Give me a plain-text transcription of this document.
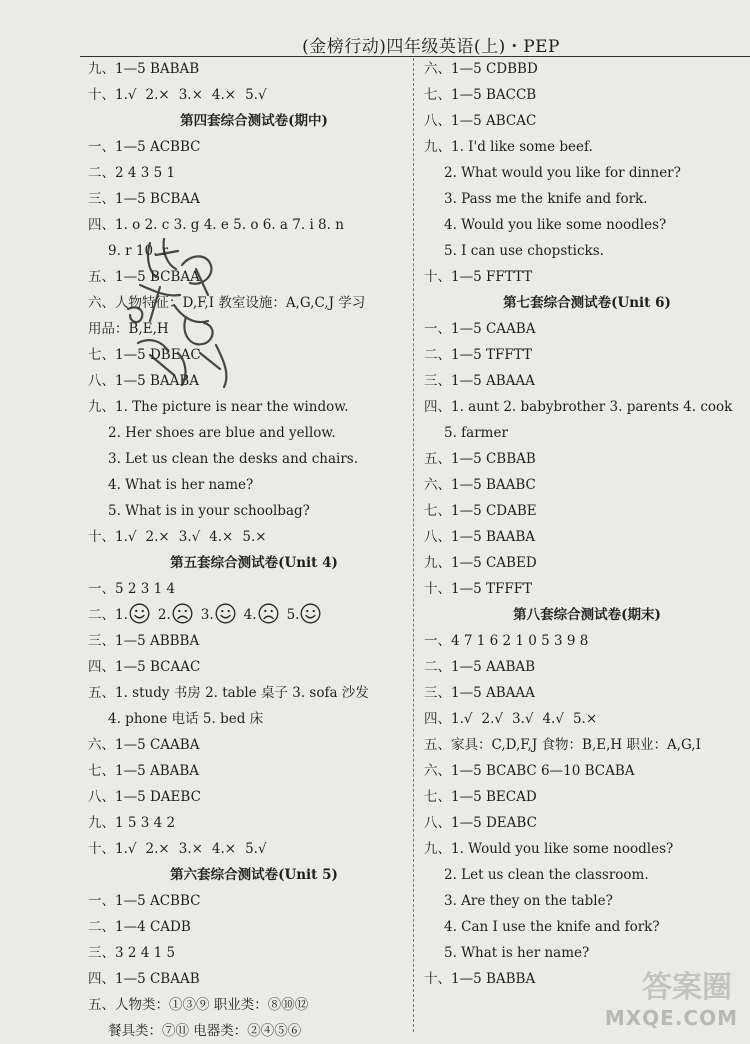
(金榜行动)四年级英语(上)・PEP
九、1—5 BABAB
十、1.√ 2.× 3.× 4.× 5.√
第四套综合测试卷(期中)
一、1—5 ACBBC
二、2 4 3 5 1
三、1—5 BCBAA
四、1. o 2. c 3. g 4. e 5. o 6. a 7. i 8. n
9. r 10. r
五、1—5 BCBAA
六、人物特征：D,F,I 教室设施：A,G,C,J 学习
用品：B,E,H
七、1—5 DBEAC
八、1—5 BAABA
九、1. The picture is near the window.
2. Her shoes are blue and yellow.
3. Let us clean the desks and chairs.
4. What is her name?
5. What is in your schoolbag?
十、1.√ 2.× 3.√ 4.× 5.×
第五套综合测试卷(Unit 4)
一、5 2 3 1 4
二、1. 2. 3. 4. 5.
三、1—5 ABBBA
四、1—5 BCAAC
五、1. study 书房 2. table 桌子 3. sofa 沙发
4. phone 电话 5. bed 床
六、1—5 CAABA
七、1—5 ABABA
八、1—5 DAEBC
九、1 5 3 4 2
十、1.√ 2.× 3.× 4.× 5.√
第六套综合测试卷(Unit 5)
一、1—5 ACBBC
二、1—4 CADB
三、3 2 4 1 5
四、1—5 CBAAB
五、人物类：①③⑨ 职业类：⑧⑩⑫
餐具类：⑦⑪ 电器类：②④⑤⑥
六、1—5 CDBBD
七、1—5 BACCB
八、1—5 ABCAC
九、1. I'd like some beef.
2. What would you like for dinner?
3. Pass me the knife and fork.
4. Would you like some noodles?
5. I can use chopsticks.
十、1—5 FFTTT
第七套综合测试卷(Unit 6)
一、1—5 CAABA
二、1—5 TFFTT
三、1—5 ABAAA
四、1. aunt 2. babybrother 3. parents 4. cook
5. farmer
五、1—5 CBBAB
六、1—5 BAABC
七、1—5 CDABE
八、1—5 BAABA
九、1—5 CABED
十、1—5 TFFFT
第八套综合测试卷(期末)
一、4 7 1 6 2 1 0 5 3 9 8
二、1—5 AABAB
三、1—5 ABAAA
四、1.√ 2.√ 3.√ 4.√ 5.×
五、家具：C,D,F,J 食物：B,E,H 职业：A,G,I
六、1—5 BCABC 6—10 BCABA
七、1—5 BECAD
八、1—5 DEABC
九、1. Would you like some noodles?
2. Let us clean the classroom.
3. Are they on the table?
4. Can I use the knife and fork?
5. What is her name?
十、1—5 BABBA	答案圈
MXQE.COM
